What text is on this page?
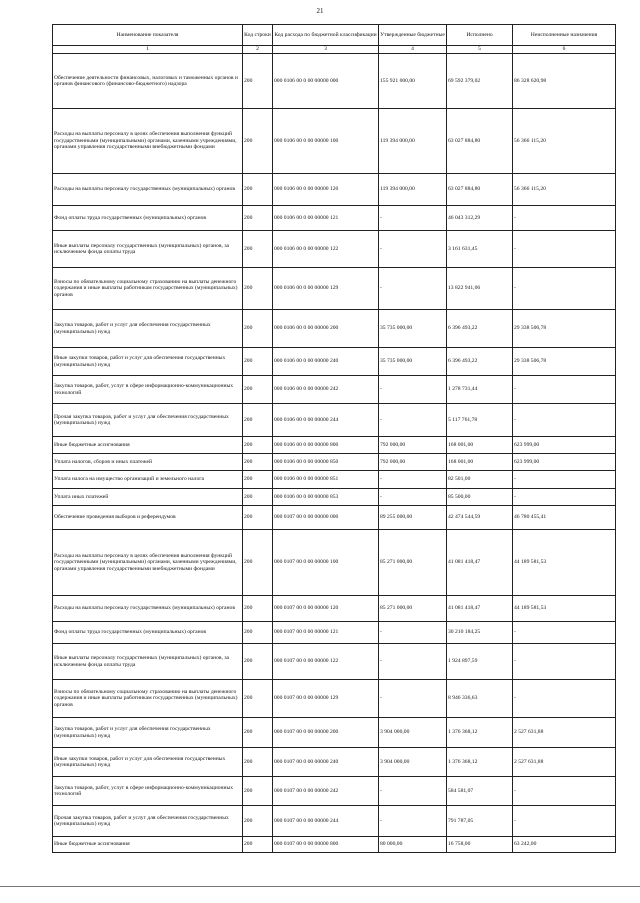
21
Наименование показателя	Код строки	Код расхода по бюджетной классификации	Утвержденные бюджетные	Исполнено	Неисполненные назначения
1	2	3	4	5	6
Обеспечение деятельности финансовых, налоговых и таможенных органов и органов финансового (финансово-бюджетного) надзора	200	000 0106 00 0 00 00000 000	155 921 000,00	69 592 379,02	86 328 620,98
Расходы на выплаты персоналу в целях обеспечения выполнения функций государственными (муниципальными) органами, казенными учреждениями, органами управления государственными внебюджетными фондами	200	000 0106 00 0 00 00000 100	119 394 000,00	63 027 884,80	56 366 115,20
Расходы на выплаты персоналу государственных (муниципальных) органов	200	000 0106 00 0 00 00000 120	119 394 000,00	63 027 884,80	56 366 115,20
Фонд оплаты труда государственных (муниципальных) органов	200	000 0106 00 0 00 00000 121	-	46 043 312,29	-
Иные выплаты персоналу государственных (муниципальных) органов, за исключением фонда оплаты труда	200	000 0106 00 0 00 00000 122	-	3 161 631,45	-
Взносы по обязательному социальному страхованию на выплаты денежного содержания и иные выплаты работникам государственных (муниципальных) органов	200	000 0106 00 0 00 00000 129	-	13 822 941,06	-
Закупка товаров, работ и услуг для обеспечения государственных (муниципальных) нужд	200	000 0106 00 0 00 00000 200	35 735 000,00	6 396 493,22	29 338 506,78
Иные закупки товаров, работ и услуг для обеспечения государственных (муниципальных) нужд	200	000 0106 00 0 00 00000 240	35 735 000,00	6 396 493,22	29 338 506,78
Закупка товаров, работ, услуг в сфере информационно-коммуникационных технологий	200	000 0106 00 0 00 00000 242	-	1 278 731,44	-
Прочая закупка товаров, работ и услуг для обеспечения государственных (муниципальных) нужд	200	000 0106 00 0 00 00000 244	-	5 117 761,78	-
Иные бюджетные ассигнования	200	000 0106 00 0 00 00000 800	792 000,00	168 001,00	623 999,00
Уплата налогов, сборов и иных платежей	200	000 0106 00 0 00 00000 850	792 000,00	168 001,00	623 999,00
Уплата налога на имущество организаций и земельного налога	200	000 0106 00 0 00 00000 851	-	82 501,00	-
Уплата иных платежей	200	000 0106 00 0 00 00000 853	-	85 500,00	-
Обеспечение проведения выборов и референдумов	200	000 0107 00 0 00 00000 000	89 255 000,00	42 474 544,59	46 780 455,41
Расходы на выплаты персоналу в целях обеспечения выполнения функций государственными (муниципальными) органами, казенными учреждениями, органами управления государственными внебюджетными фондами	200	000 0107 00 0 00 00000 100	85 271 000,00	41 081 418,47	44 189 581,53
Расходы на выплаты персоналу государственных (муниципальных) органов	200	000 0107 00 0 00 00000 120	85 271 000,00	41 081 418,47	44 189 581,53
Фонд оплаты труда государственных (муниципальных) органов	200	000 0107 00 0 00 00000 121	-	30 210 184,25	-
Иные выплаты персоналу государственных (муниципальных) органов, за исключением фонда оплаты труда	200	000 0107 00 0 00 00000 122	-	1 924 897,59	-
Взносы по обязательному социальному страхованию на выплаты денежного содержания и иные выплаты работникам государственных (муниципальных) органов	200	000 0107 00 0 00 00000 129	-	8 946 336,63	-
Закупка товаров, работ и услуг для обеспечения государственных (муниципальных) нужд	200	000 0107 00 0 00 00000 200	3 904 000,00	1 376 368,12	2 527 631,88
Иные закупки товаров, работ и услуг для обеспечения государственных (муниципальных) нужд	200	000 0107 00 0 00 00000 240	3 904 000,00	1 376 368,12	2 527 631,88
Закупка товаров, работ, услуг в сфере информационно-коммуникационных технологий	200	000 0107 00 0 00 00000 242	-	584 581,07	-
Прочая закупка товаров, работ и услуг для обеспечения государственных (муниципальных) нужд	200	000 0107 00 0 00 00000 244	-	791 787,05	-
Иные бюджетные ассигнования	200	000 0107 00 0 00 00000 800	80 000,00	16 758,00	63 242,00
